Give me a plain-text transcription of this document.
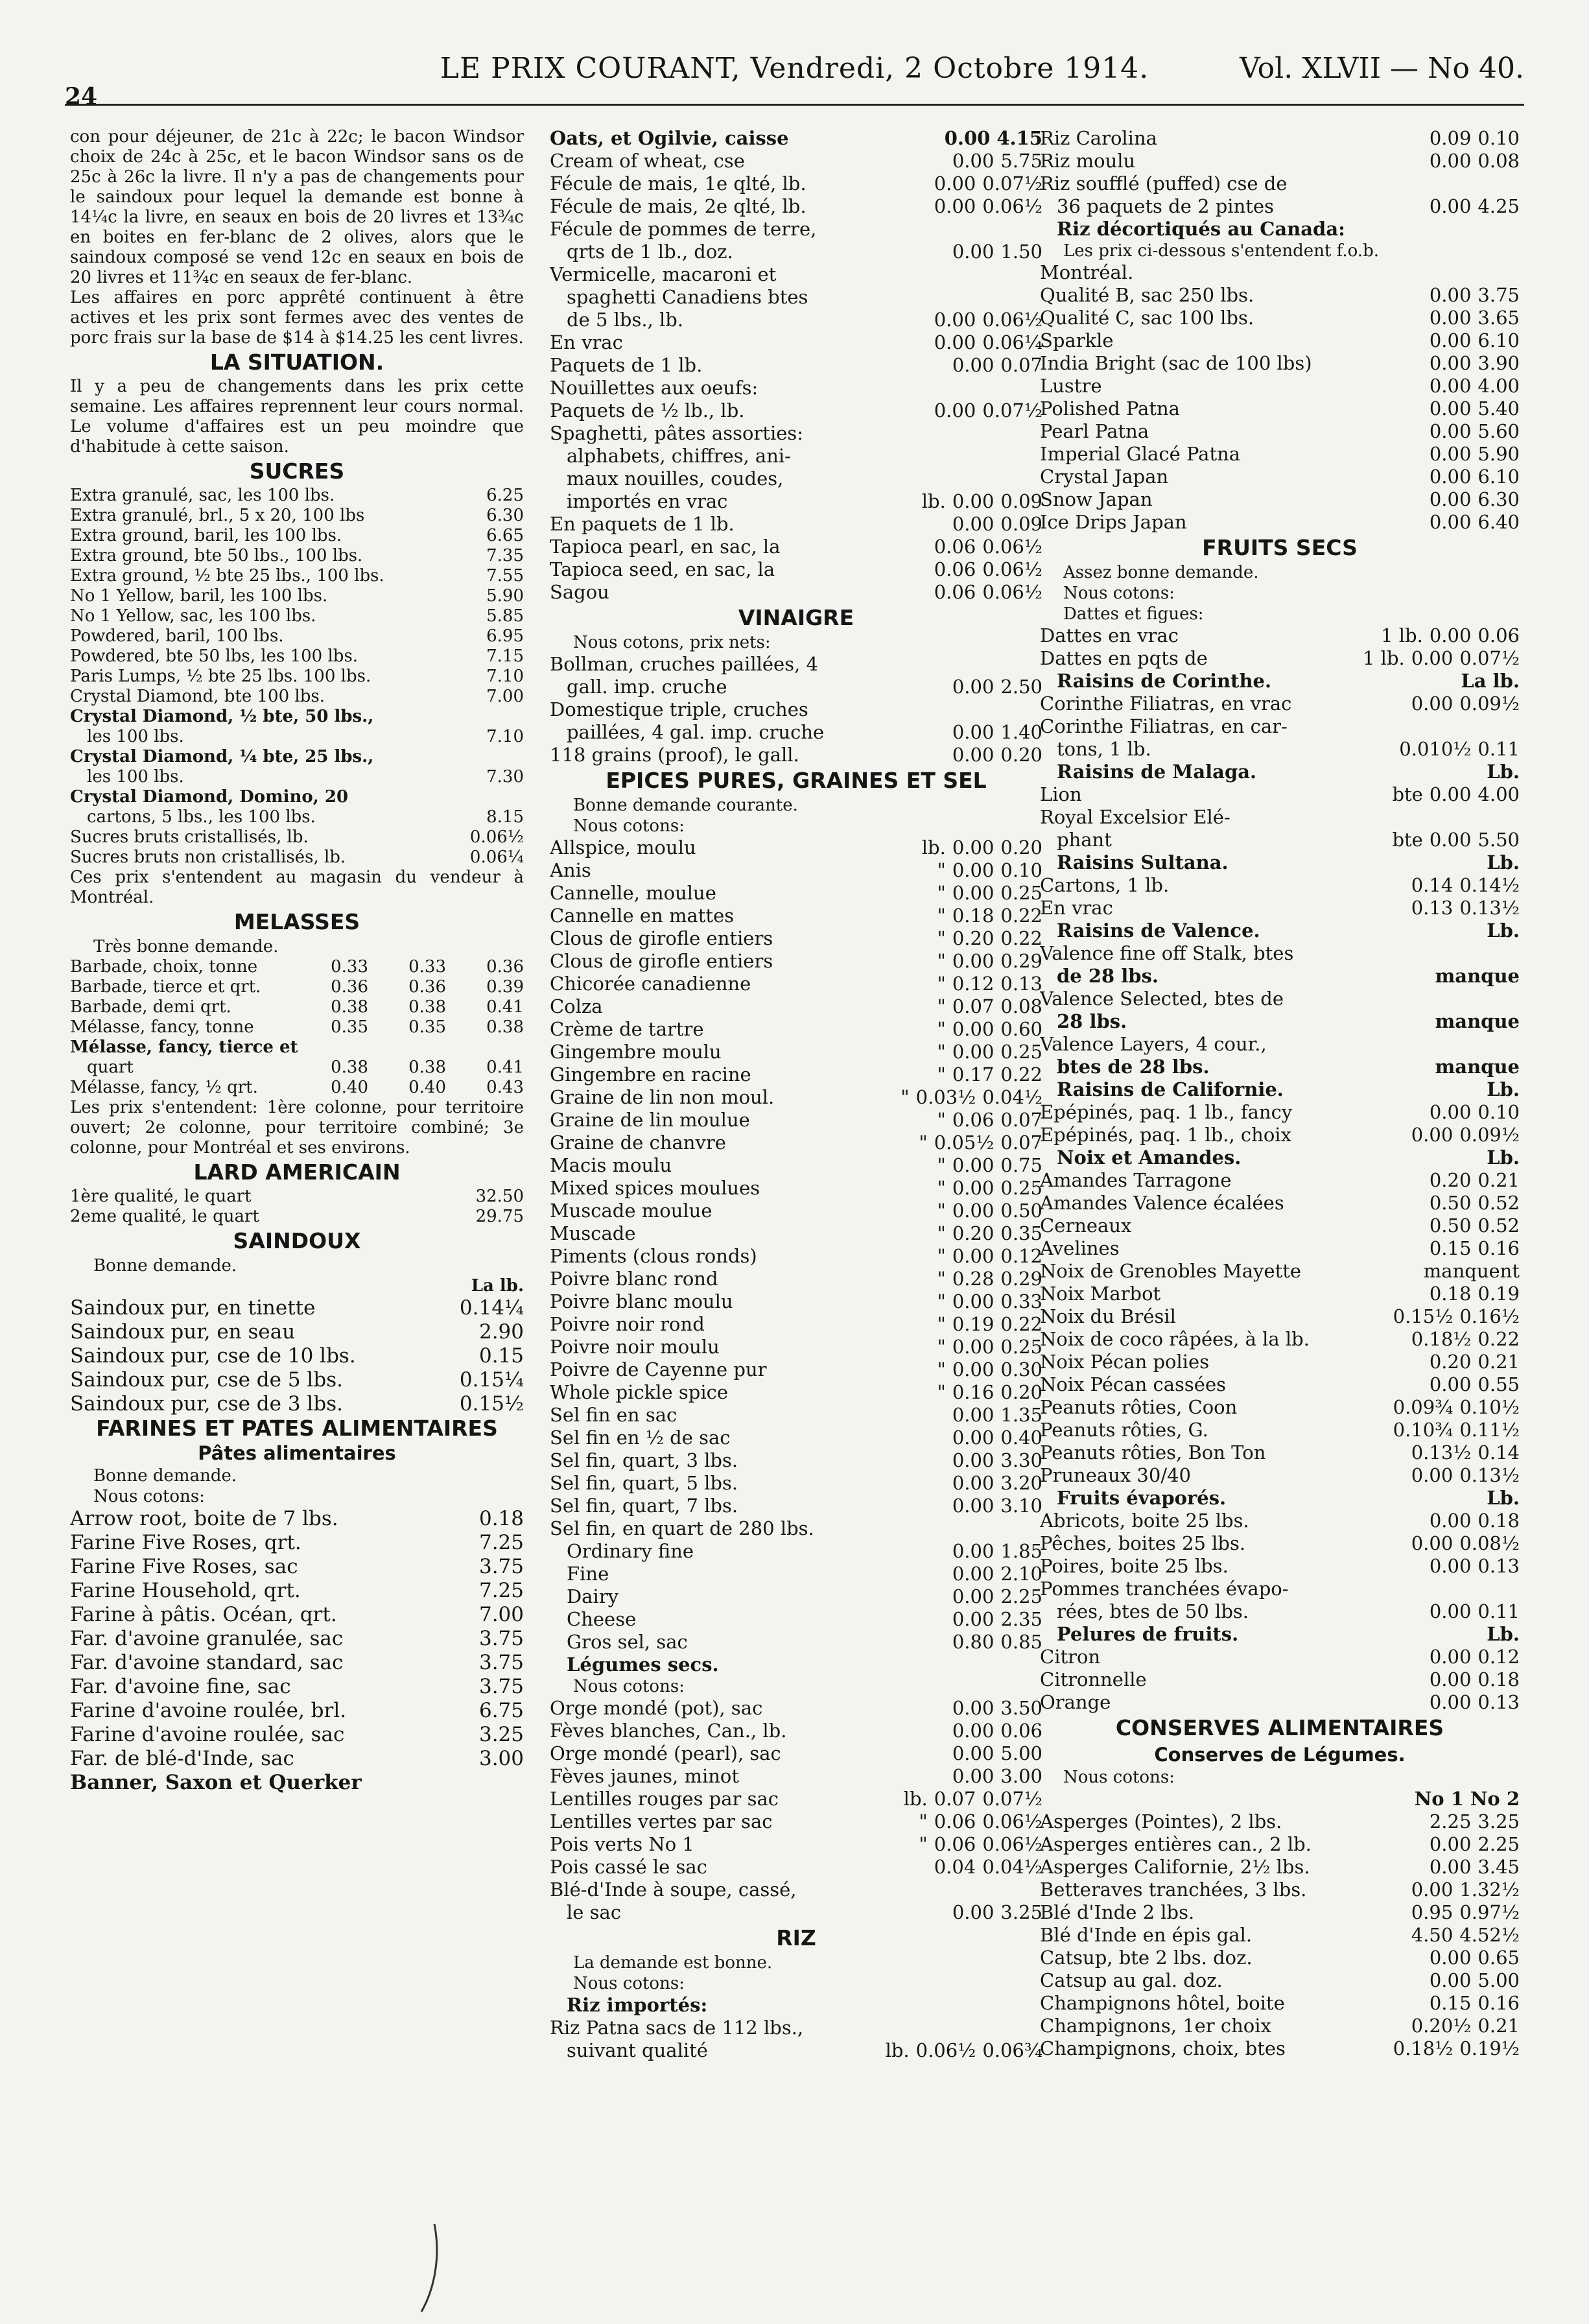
24
LE PRIX COURANT, Vendredi, 2 Octobre 1914.	Vol. XLVII — No 40.
con pour déjeuner, de 21c à 22c; le bacon Windsor choix de 24c à 25c, et le bacon Windsor sans os de 25c à 26c la livre. Il n'y a pas de changements pour le saindoux pour lequel la demande est bonne à 14¼c la livre, en seaux en bois de 20 livres et 13¾c en boites en fer-blanc de 2 olives, alors que le saindoux composé se vend 12c en seaux en bois de 20 livres et 11¾c en seaux de fer-blanc.
Les affaires en porc apprêté continuent à être actives et les prix sont fermes avec des ventes de porc frais sur la base de $14 à $14.25 les cent livres.
LA SITUATION.
Il y a peu de changements dans les prix cette semaine. Les affaires reprennent leur cours normal. Le volume d'affaires est un peu moindre que d'habitude à cette saison.
SUCRES
Extra granulé, sac, les 100 lbs.	6.25
Extra granulé, brl., 5 x 20, 100 lbs	6.30
Extra ground, baril, les 100 lbs.	6.65
Extra ground, bte 50 lbs., 100 lbs.	7.35
Extra ground, ½ bte 25 lbs., 100 lbs.	7.55
No 1 Yellow, baril, les 100 lbs.	5.90
No 1 Yellow, sac, les 100 lbs.	5.85
Powdered, baril, 100 lbs.	6.95
Powdered, bte 50 lbs, les 100 lbs.	7.15
Paris Lumps, ½ bte 25 lbs. 100 lbs.	7.10
Crystal Diamond, bte 100 lbs.	7.00
Crystal Diamond, ½ bte, 50 lbs.,
les 100 lbs.	7.10
Crystal Diamond, ¼ bte, 25 lbs.,
les 100 lbs.	7.30
Crystal Diamond, Domino, 20
cartons, 5 lbs., les 100 lbs.	8.15
Sucres bruts cristallisés, lb.	0.06½
Sucres bruts non cristallisés, lb.	0.06¼
Ces prix s'entendent au magasin du vendeur à Montréal.
MELASSES
Très bonne demande.
Barbade, choix, tonne	0.33	0.33	0.36
Barbade, tierce et qrt.	0.36	0.36	0.39
Barbade, demi qrt.	0.38	0.38	0.41
Mélasse, fancy, tonne	0.35	0.35	0.38
Mélasse, fancy, tierce et
quart	0.38	0.38	0.41
Mélasse, fancy, ½ qrt.	0.40	0.40	0.43
Les prix s'entendent: 1ère colonne, pour territoire ouvert; 2e colonne, pour territoire combiné; 3e colonne, pour Montréal et ses environs.
LARD AMERICAIN
1ère qualité, le quart	32.50
2eme qualité, le quart	29.75
SAINDOUX
Bonne demande.
La lb.
Saindoux pur, en tinette	0.14¼
Saindoux pur, en seau	2.90
Saindoux pur, cse de 10 lbs.	0.15
Saindoux pur, cse de 5 lbs.	0.15¼
Saindoux pur, cse de 3 lbs.	0.15½
FARINES ET PATES ALIMENTAIRES
Pâtes alimentaires
Bonne demande.
Nous cotons:
Arrow root, boite de 7 lbs.	0.18
Farine Five Roses, qrt.	7.25
Farine Five Roses, sac	3.75
Farine Household, qrt.	7.25
Farine à pâtis. Océan, qrt.	7.00
Far. d'avoine granulée, sac	3.75
Far. d'avoine standard, sac	3.75
Far. d'avoine fine, sac	3.75
Farine d'avoine roulée, brl.	6.75
Farine d'avoine roulée, sac	3.25
Far. de blé-d'Inde, sac	3.00
Banner, Saxon et Querker
Oats, et Ogilvie, caisse	0.00 4.15
Cream of wheat, cse	0.00 5.75
Fécule de mais, 1e qlté, lb.	0.00 0.07½
Fécule de mais, 2e qlté, lb.	0.00 0.06½
Fécule de pommes de terre,
qrts de 1 lb., doz.	0.00 1.50
Vermicelle, macaroni et
spaghetti Canadiens btes
de 5 lbs., lb.	0.00 0.06½
En vrac	0.00 0.06¼
Paquets de 1 lb.	0.00 0.07
Nouillettes aux oeufs:
Paquets de ½ lb., lb.	0.00 0.07½
Spaghetti, pâtes assorties:
alphabets, chiffres, ani-
maux nouilles, coudes,
importés en vrac	lb. 0.00 0.09
En paquets de 1 lb.	0.00 0.09
Tapioca pearl, en sac, la	0.06 0.06½
Tapioca seed, en sac, la	0.06 0.06½
Sagou	0.06 0.06½
VINAIGRE
Nous cotons, prix nets:
Bollman, cruches paillées, 4
gall. imp. cruche	0.00 2.50
Domestique triple, cruches
paillées, 4 gal. imp. cruche	0.00 1.40
118 grains (proof), le gall.	0.00 0.20
EPICES PURES, GRAINES ET SEL
Bonne demande courante.
Nous cotons:
Allspice, moulu	lb. 0.00 0.20
Anis	" 0.00 0.10
Cannelle, moulue	" 0.00 0.25
Cannelle en mattes	" 0.18 0.22
Clous de girofle entiers	" 0.20 0.22
Clous de girofle entiers	" 0.00 0.29
Chicorée canadienne	" 0.12 0.13
Colza	" 0.07 0.08
Crème de tartre	" 0.00 0.60
Gingembre moulu	" 0.00 0.25
Gingembre en racine	" 0.17 0.22
Graine de lin non moul.	" 0.03½ 0.04½
Graine de lin moulue	" 0.06 0.07
Graine de chanvre	" 0.05½ 0.07
Macis moulu	" 0.00 0.75
Mixed spices moulues	" 0.00 0.25
Muscade moulue	" 0.00 0.50
Muscade	" 0.20 0.35
Piments (clous ronds)	" 0.00 0.12
Poivre blanc rond	" 0.28 0.29
Poivre blanc moulu	" 0.00 0.33
Poivre noir rond	" 0.19 0.22
Poivre noir moulu	" 0.00 0.25
Poivre de Cayenne pur	" 0.00 0.30
Whole pickle spice	" 0.16 0.20
Sel fin en sac	0.00 1.35
Sel fin en ½ de sac	0.00 0.40
Sel fin, quart, 3 lbs.	0.00 3.30
Sel fin, quart, 5 lbs.	0.00 3.20
Sel fin, quart, 7 lbs.	0.00 3.10
Sel fin, en quart de 280 lbs.
Ordinary fine	0.00 1.85
Fine	0.00 2.10
Dairy	0.00 2.25
Cheese	0.00 2.35
Gros sel, sac	0.80 0.85
Légumes secs.
Nous cotons:
Orge mondé (pot), sac	0.00 3.50
Fèves blanches, Can., lb.	0.00 0.06
Orge mondé (pearl), sac	0.00 5.00
Fèves jaunes, minot	0.00 3.00
Lentilles rouges par sac	lb. 0.07 0.07½
Lentilles vertes par sac	" 0.06 0.06½
Pois verts No 1	" 0.06 0.06½
Pois cassé le sac	0.04 0.04½
Blé-d'Inde à soupe, cassé,
le sac	0.00 3.25
RIZ
La demande est bonne.
Nous cotons:
Riz importés:
Riz Patna sacs de 112 lbs.,
suivant qualité	lb. 0.06½ 0.06¾
Riz Carolina	0.09 0.10
Riz moulu	0.00 0.08
Riz soufflé (puffed) cse de
36 paquets de 2 pintes	0.00 4.25
Riz décortiqués au Canada:
Les prix ci-dessous s'entendent f.o.b.
Montréal.
Qualité B, sac 250 lbs.	0.00 3.75
Qualité C, sac 100 lbs.	0.00 3.65
Sparkle	0.00 6.10
India Bright (sac de 100 lbs)	0.00 3.90
Lustre	0.00 4.00
Polished Patna	0.00 5.40
Pearl Patna	0.00 5.60
Imperial Glacé Patna	0.00 5.90
Crystal Japan	0.00 6.10
Snow Japan	0.00 6.30
Ice Drips Japan	0.00 6.40
FRUITS SECS
Assez bonne demande.
Nous cotons:
Dattes et figues:
Dattes en vrac	1 lb. 0.00 0.06
Dattes en pqts de	1 lb. 0.00 0.07½
Raisins de Corinthe.	La lb.
Corinthe Filiatras, en vrac	0.00 0.09½
Corinthe Filiatras, en car-
tons, 1 lb.	0.010½ 0.11
Raisins de Malaga.	Lb.
Lion	bte 0.00 4.00
Royal Excelsior Elé-
phant	bte 0.00 5.50
Raisins Sultana.	Lb.
Cartons, 1 lb.	0.14 0.14½
En vrac	0.13 0.13½
Raisins de Valence.	Lb.
Valence fine off Stalk, btes
de 28 lbs.	manque
Valence Selected, btes de
28 lbs.	manque
Valence Layers, 4 cour.,
btes de 28 lbs.	manque
Raisins de Californie.	Lb.
Epépinés, paq. 1 lb., fancy	0.00 0.10
Epépinés, paq. 1 lb., choix	0.00 0.09½
Noix et Amandes.	Lb.
Amandes Tarragone	0.20 0.21
Amandes Valence écalées	0.50 0.52
Cerneaux	0.50 0.52
Avelines	0.15 0.16
Noix de Grenobles Mayette	manquent
Noix Marbot	0.18 0.19
Noix du Brésil	0.15½ 0.16½
Noix de coco râpées, à la lb.	0.18½ 0.22
Noix Pécan polies	0.20 0.21
Noix Pécan cassées	0.00 0.55
Peanuts rôties, Coon	0.09¾ 0.10½
Peanuts rôties, G.	0.10¾ 0.11½
Peanuts rôties, Bon Ton	0.13½ 0.14
Pruneaux 30/40	0.00 0.13½
Fruits évaporés.	Lb.
Abricots, boite 25 lbs.	0.00 0.18
Pêches, boites 25 lbs.	0.00 0.08½
Poires, boite 25 lbs.	0.00 0.13
Pommes tranchées évapo-
rées, btes de 50 lbs.	0.00 0.11
Pelures de fruits.	Lb.
Citron	0.00 0.12
Citronnelle	0.00 0.18
Orange	0.00 0.13
CONSERVES ALIMENTAIRES
Conserves de Légumes.
Nous cotons:
No 1 No 2
Asperges (Pointes), 2 lbs.	2.25 3.25
Asperges entières can., 2 lb.	0.00 2.25
Asperges Californie, 2½ lbs.	0.00 3.45
Betteraves tranchées, 3 lbs.	0.00 1.32½
Blé d'Inde 2 lbs.	0.95 0.97½
Blé d'Inde en épis gal.	4.50 4.52½
Catsup, bte 2 lbs. doz.	0.00 0.65
Catsup au gal. doz.	0.00 5.00
Champignons hôtel, boite	0.15 0.16
Champignons, 1er choix	0.20½ 0.21
Champignons, choix, btes	0.18½ 0.19½
